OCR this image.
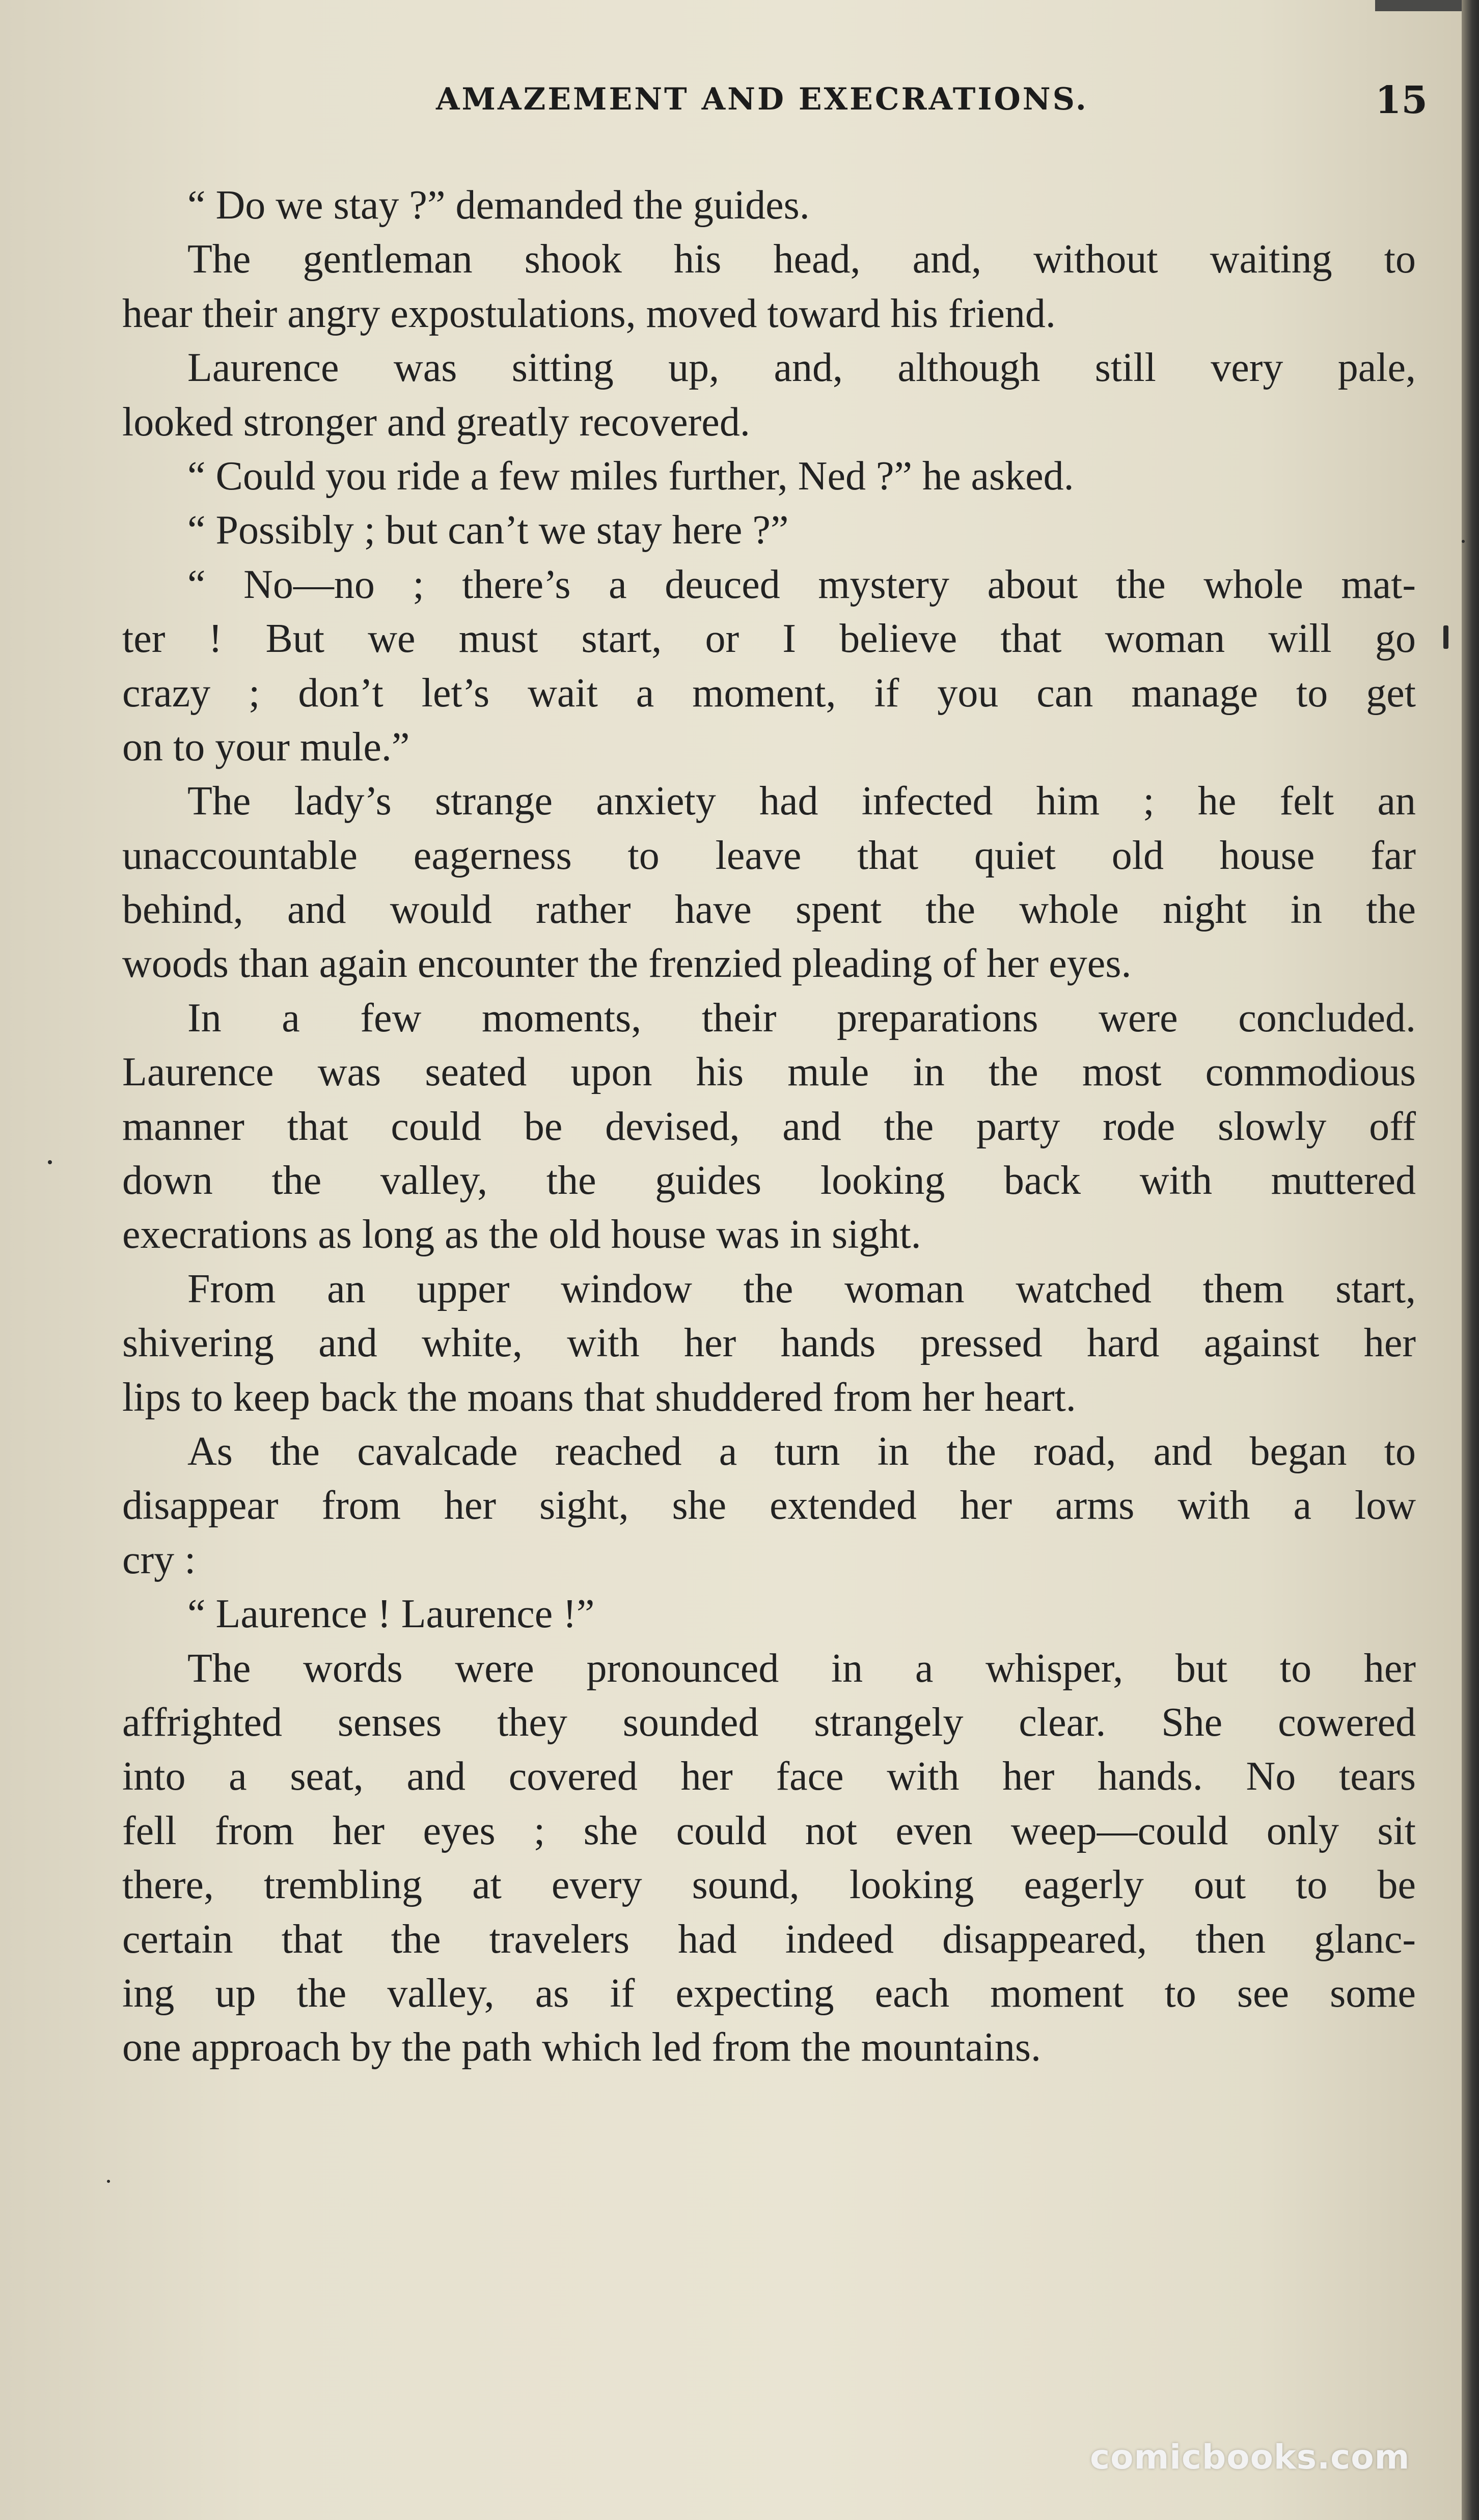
AMAZEMENT AND EXECRATIONS.	15
“ Do we stay ?” demanded the guides.
The gentleman shook his head, and, without waiting to
hear their angry expostulations, moved toward his friend.
Laurence was sitting up, and, although still very pale,
looked stronger and greatly recovered.
“ Could you ride a few miles further, Ned ?” he asked.
“ Possibly ; but can’t we stay here ?”
“ No—no ; there’s a deuced mystery about the whole mat-
ter ! But we must start, or I believe that woman will go
crazy ; don’t let’s wait a moment, if you can manage to get
on to your mule.”
The lady’s strange anxiety had infected him ; he felt an
unaccountable eagerness to leave that quiet old house far
behind, and would rather have spent the whole night in the
woods than again encounter the frenzied pleading of her eyes.
In a few moments, their preparations were concluded.
Laurence was seated upon his mule in the most commodious
manner that could be devised, and the party rode slowly off
down the valley, the guides looking back with muttered
execrations as long as the old house was in sight.
From an upper window the woman watched them start,
shivering and white, with her hands pressed hard against her
lips to keep back the moans that shuddered from her heart.
As the cavalcade reached a turn in the road, and began to
disappear from her sight, she extended her arms with a low
cry :
“ Laurence ! Laurence !”
The words were pronounced in a whisper, but to her
affrighted senses they sounded strangely clear. She cowered
into a seat, and covered her face with her hands. No tears
fell from her eyes ; she could not even weep—could only sit
there, trembling at every sound, looking eagerly out to be
certain that the travelers had indeed disappeared, then glanc-
ing up the valley, as if expecting each moment to see some
one approach by the path which led from the mountains.
comicbooks.com
